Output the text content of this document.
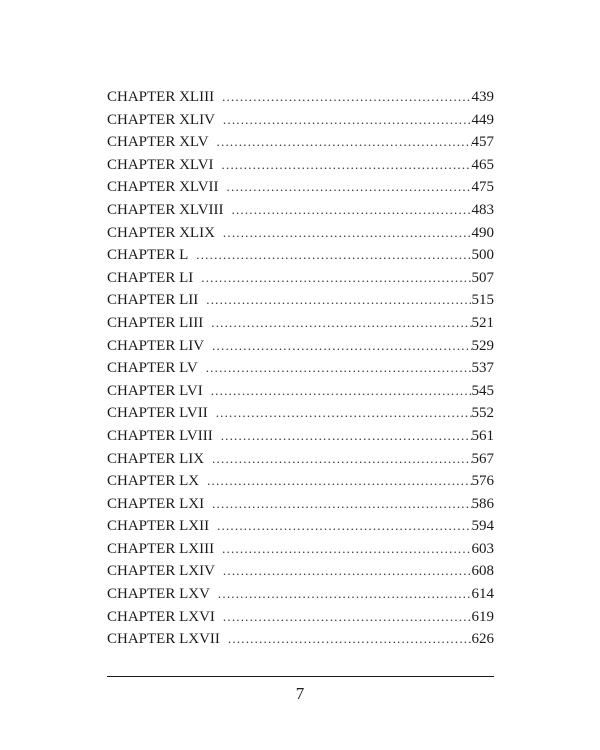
CHAPTER XLIII .....	439
CHAPTER XLIV .....	449
CHAPTER XLV .....	457
CHAPTER XLVI .....	465
CHAPTER XLVII .....	475
CHAPTER XLVIII .....	483
CHAPTER XLIX .....	490
CHAPTER L .....	500
CHAPTER LI .....	507
CHAPTER LII .....	515
CHAPTER LIII .....	521
CHAPTER LIV .....	529
CHAPTER LV .....	537
CHAPTER LVI .....	545
CHAPTER LVII .....	552
CHAPTER LVIII .....	561
CHAPTER LIX .....	567
CHAPTER LX .....	576
CHAPTER LXI .....	586
CHAPTER LXII .....	594
CHAPTER LXIII .....	603
CHAPTER LXIV .....	608
CHAPTER LXV .....	614
CHAPTER LXVI .....	619
CHAPTER LXVII .....	626
7
